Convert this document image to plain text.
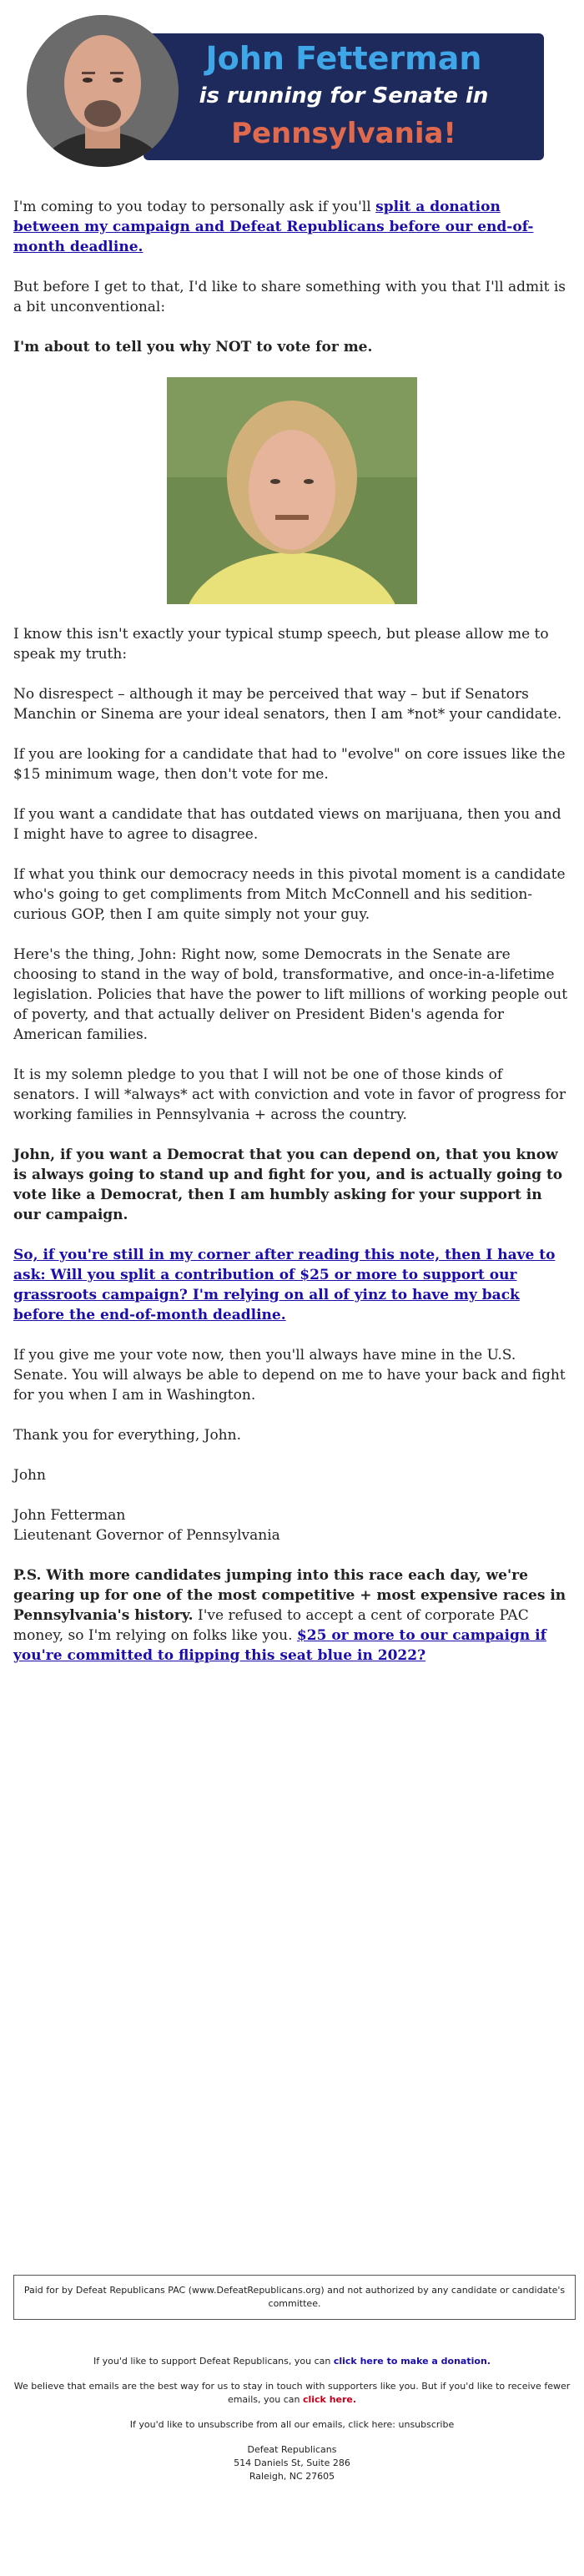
John Fetterman
is running for Senate in
Pennsylvania!

I'm coming to you today to personally ask if you'll split a donation between my campaign and Defeat Republicans before our end-of-month deadline.

But before I get to that, I'd like to share something with you that I'll admit is a bit unconventional:

I'm about to tell you why NOT to vote for me.

I know this isn't exactly your typical stump speech, but please allow me to speak my truth:

No disrespect – although it may be perceived that way – but if Senators Manchin or Sinema are your ideal senators, then I am *not* your candidate.

If you are looking for a candidate that had to "evolve" on core issues like the $15 minimum wage, then don't vote for me.

If you want a candidate that has outdated views on marijuana, then you and I might have to agree to disagree.

If what you think our democracy needs in this pivotal moment is a candidate who's going to get compliments from Mitch McConnell and his sedition-curious GOP, then I am quite simply not your guy.

Here's the thing, John: Right now, some Democrats in the Senate are choosing to stand in the way of bold, transformative, and once-in-a-lifetime legislation. Policies that have the power to lift millions of working people out of poverty, and that actually deliver on President Biden's agenda for American families.

It is my solemn pledge to you that I will not be one of those kinds of senators. I will *always* act with conviction and vote in favor of progress for working families in Pennsylvania + across the country.

John, if you want a Democrat that you can depend on, that you know is always going to stand up and fight for you, and is actually going to vote like a Democrat, then I am humbly asking for your support in our campaign.

So, if you're still in my corner after reading this note, then I have to ask: Will you split a contribution of $25 or more to support our grassroots campaign? I'm relying on all of yinz to have my back before the end-of-month deadline.

If you give me your vote now, then you'll always have mine in the U.S. Senate. You will always be able to depend on me to have your back and fight for you when I am in Washington.

Thank you for everything, John.

John

John Fetterman
Lieutenant Governor of Pennsylvania

P.S. With more candidates jumping into this race each day, we're gearing up for one of the most competitive + most expensive races in Pennsylvania's history. I've refused to accept a cent of corporate PAC money, so I'm relying on folks like you. $25 or more to our campaign if you're committed to flipping this seat blue in 2022?

Paid for by Defeat Republicans PAC (www.DefeatRepublicans.org) and not authorized by any candidate or candidate's committee.

If you'd like to support Defeat Republicans, you can click here to make a donation.

We believe that emails are the best way for us to stay in touch with supporters like you. But if you'd like to receive fewer emails, you can click here.

If you'd like to unsubscribe from all our emails, click here: unsubscribe

Defeat Republicans
514 Daniels St, Suite 286
Raleigh, NC 27605
